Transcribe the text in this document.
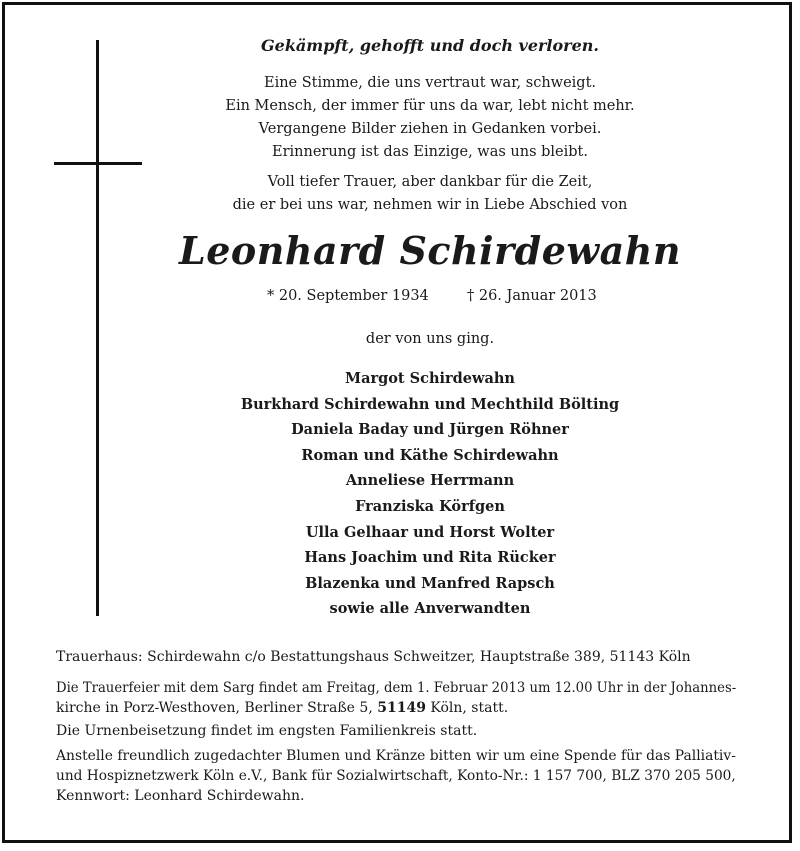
Gekämpft, gehofft und doch verloren.
Eine Stimme, die uns vertraut war, schweigt.
Ein Mensch, der immer für uns da war, lebt nicht mehr.
Vergangene Bilder ziehen in Gedanken vorbei.
Erinnerung ist das Einzige, was uns bleibt.
Voll tiefer Trauer, aber dankbar für die Zeit,
die er bei uns war, nehmen wir in Liebe Abschied von
Leonhard Schirdewahn
* 20. September 1934	† 26. Januar 2013
der von uns ging.
Margot Schirdewahn
Burkhard Schirdewahn und Mechthild Bölting
Daniela Baday und Jürgen Röhner
Roman und Käthe Schirdewahn
Anneliese Herrmann
Franziska Körfgen
Ulla Gelhaar und Horst Wolter
Hans Joachim und Rita Rücker
Blazenka und Manfred Rapsch
sowie alle Anverwandten
Trauerhaus: Schirdewahn c/o Bestattungshaus Schweitzer, Hauptstraße 389, 51143 Köln
Die Trauerfeier mit dem Sarg findet am Freitag, dem 1. Februar 2013 um 12.00 Uhr in der Johannes-
kirche in Porz-Westhoven, Berliner Straße 5, 51149 Köln, statt.
Die Urnenbeisetzung findet im engsten Familienkreis statt.
Anstelle freundlich zugedachter Blumen und Kränze bitten wir um eine Spende für das Palliativ-
und Hospiznetzwerk Köln e.V., Bank für Sozialwirtschaft, Konto-Nr.: 1 157 700, BLZ 370 205 500,
Kennwort: Leonhard Schirdewahn.
